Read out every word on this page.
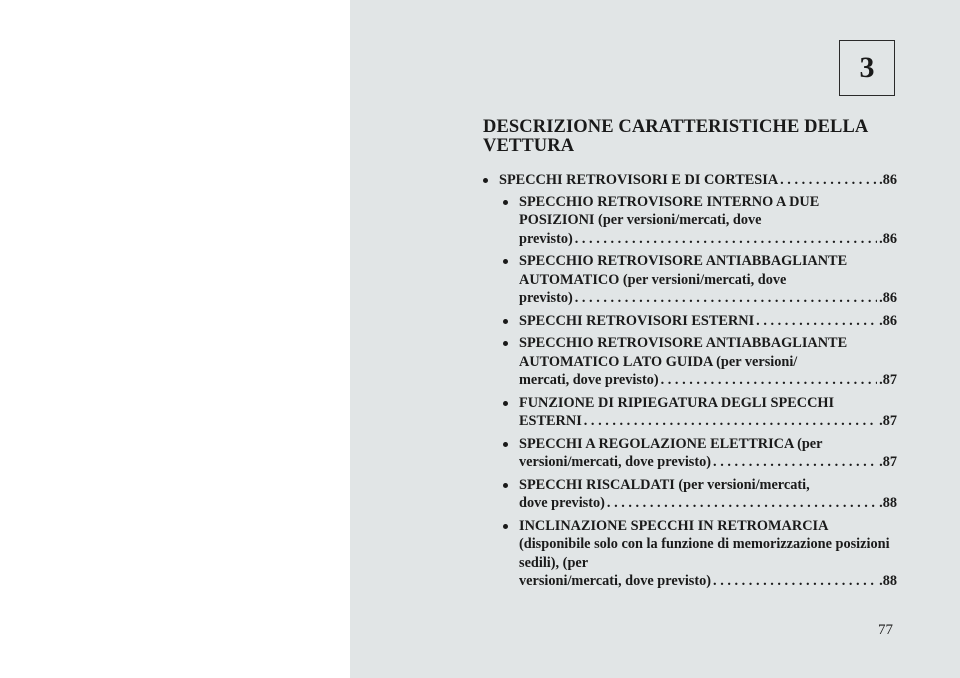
3
DESCRIZIONE CARATTERISTICHE DELLA VETTURA
SPECCHI RETROVISORI E DI CORTESIA . . .	.86
SPECCHIO RETROVISORE INTERNO A DUE POSIZIONI (per versioni/mercati, dove
previsto) . . .	.86
SPECCHIO RETROVISORE ANTIABBAGLIANTE AUTOMATICO (per versioni/mercati, dove
previsto) . . .	.86
SPECCHI RETROVISORI ESTERNI . . .	.86
SPECCHIO RETROVISORE ANTIABBAGLIANTE AUTOMATICO LATO GUIDA (per versioni/
mercati, dove previsto) . . .	.87
FUNZIONE DI RIPIEGATURA DEGLI SPECCHI
ESTERNI . . .	.87
SPECCHI A REGOLAZIONE ELETTRICA (per
versioni/mercati, dove previsto) . . .	.87
SPECCHI RISCALDATI (per versioni/mercati,
dove previsto) . . .	.88
INCLINAZIONE SPECCHI IN RETROMARCIA (disponibile solo con la funzione di memorizzazione posizioni sedili), (per
versioni/mercati, dove previsto) . . .	.88
77
